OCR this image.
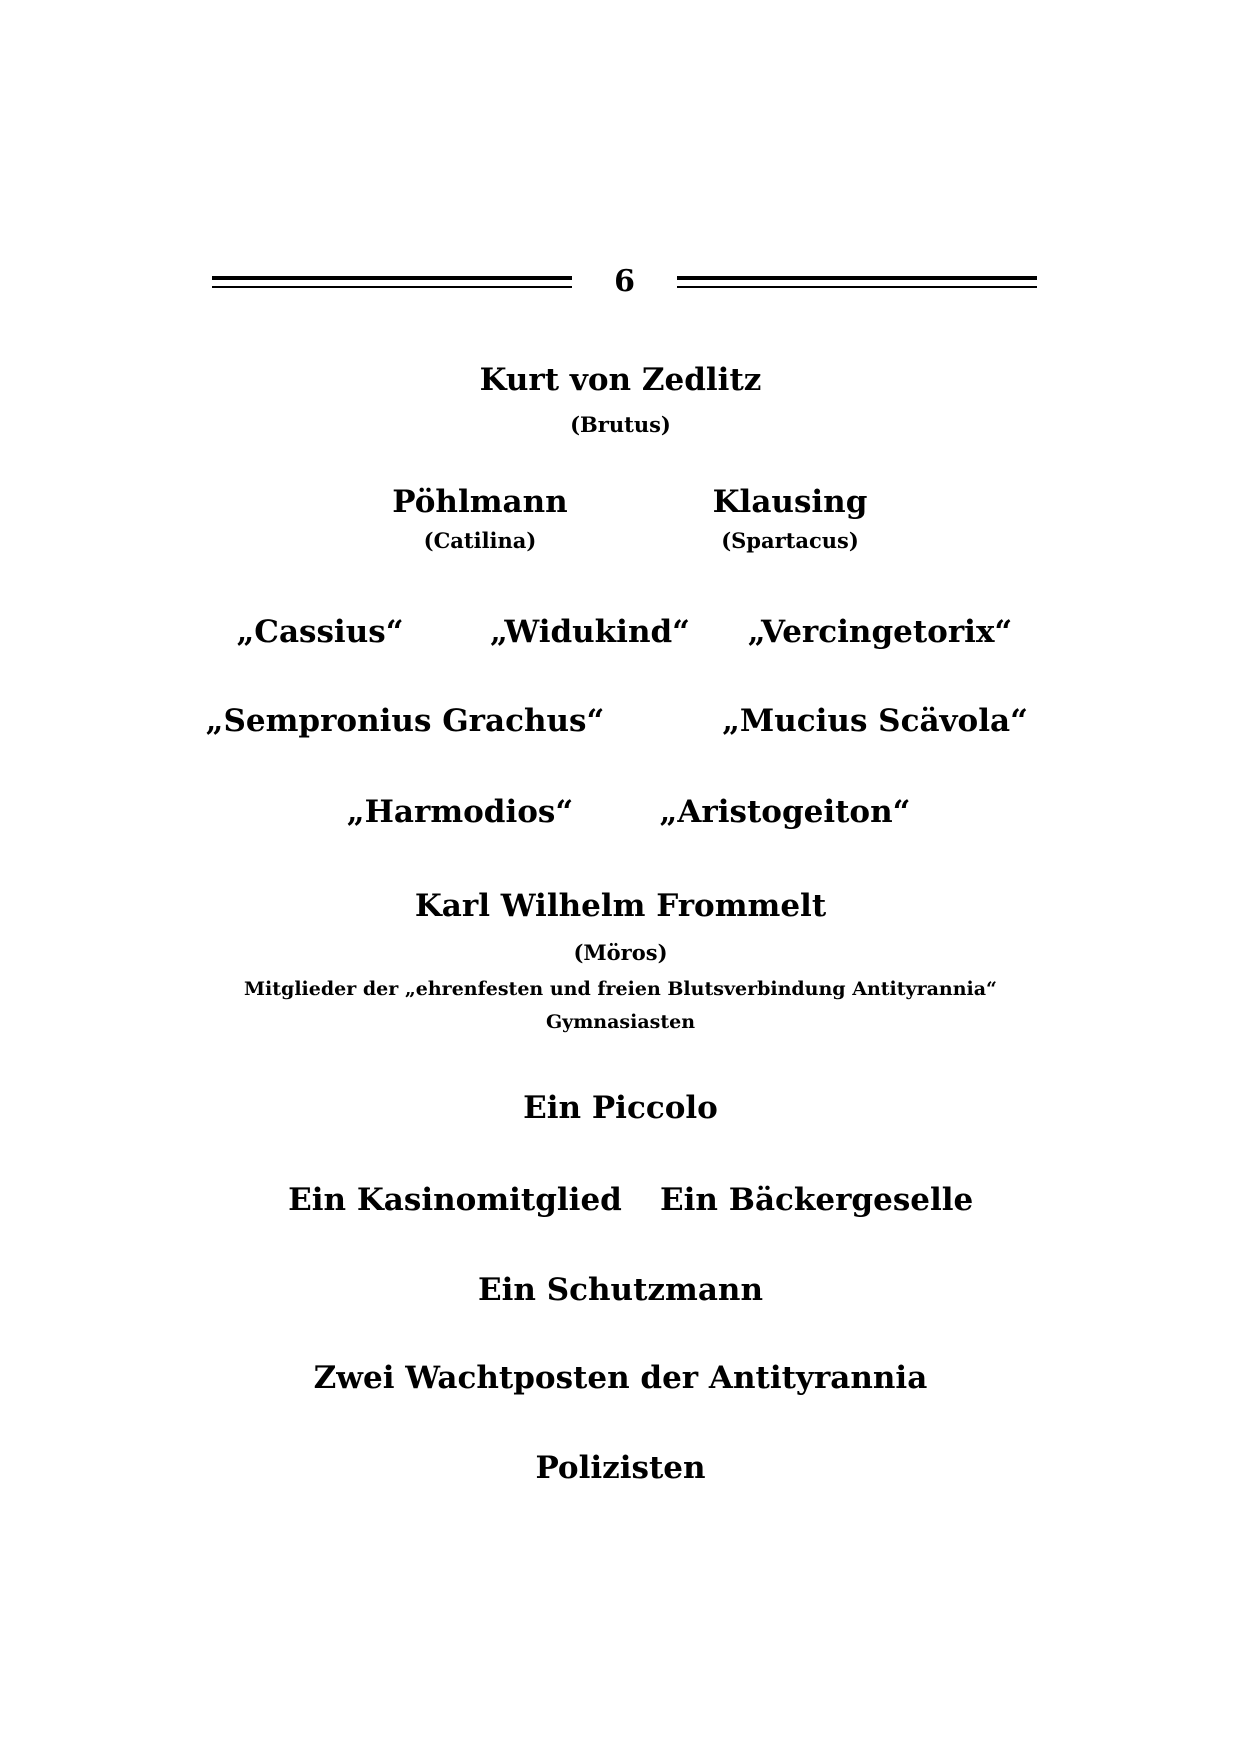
6
Kurt von Zedlitz
(Brutus)
Pöhlmann
(Catilina)
Klausing
(Spartacus)
„Cassius“	„Widukind“	„Vercingetorix“
„Sempronius Grachus“	„Mucius Scävola“
„Harmodios“	„Aristogeiton“
Karl Wilhelm Frommelt
(Möros)
Mitglieder der „ehrenfesten und freien Blutsverbindung Antityrannia“
Gymnasiasten
Ein Piccolo
Ein Kasinomitglied Ein Bäckergeselle
Ein Schutzmann
Zwei Wachtposten der Antityrannia
Polizisten
